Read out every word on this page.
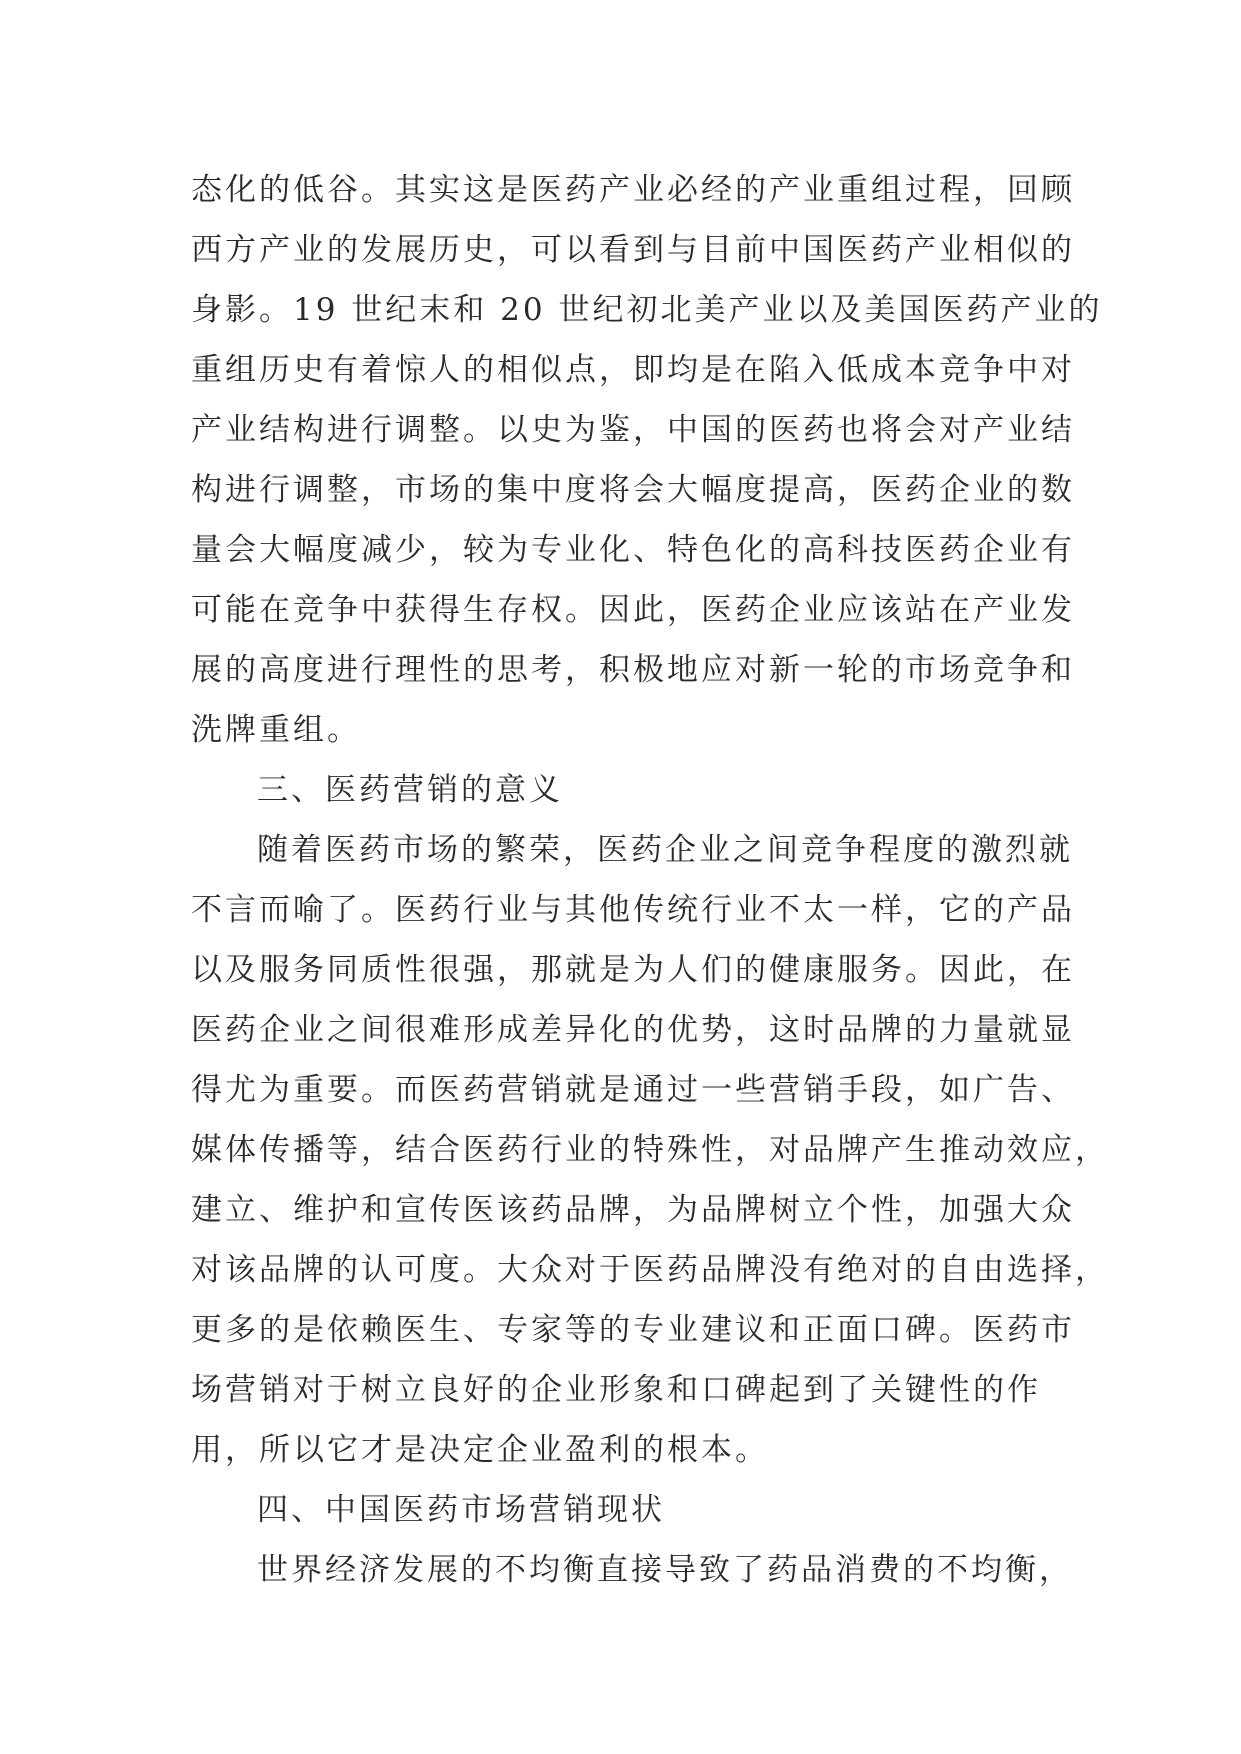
态化的低谷。其实这是医药产业必经的产业重组过程，回顾
西方产业的发展历史，可以看到与目前中国医药产业相似的
身影。19 世纪末和 20 世纪初北美产业以及美国医药产业的
重组历史有着惊人的相似点，即均是在陷入低成本竞争中对
产业结构进行调整。以史为鉴，中国的医药也将会对产业结
构进行调整，市场的集中度将会大幅度提高，医药企业的数
量会大幅度减少，较为专业化、特色化的高科技医药企业有
可能在竞争中获得生存权。因此，医药企业应该站在产业发
展的高度进行理性的思考，积极地应对新一轮的市场竞争和
洗牌重组。
三、医药营销的意义
随着医药市场的繁荣，医药企业之间竞争程度的激烈就
不言而喻了。医药行业与其他传统行业不太一样，它的产品
以及服务同质性很强，那就是为人们的健康服务。因此，在
医药企业之间很难形成差异化的优势，这时品牌的力量就显
得尤为重要。而医药营销就是通过一些营销手段，如广告、
媒体传播等，结合医药行业的特殊性，对品牌产生推动效应，
建立、维护和宣传医该药品牌，为品牌树立个性，加强大众
对该品牌的认可度。大众对于医药品牌没有绝对的自由选择，
更多的是依赖医生、专家等的专业建议和正面口碑。医药市
场营销对于树立良好的企业形象和口碑起到了关键性的作
用，所以它才是决定企业盈利的根本。
四、中国医药市场营销现状
世界经济发展的不均衡直接导致了药品消费的不均衡，
